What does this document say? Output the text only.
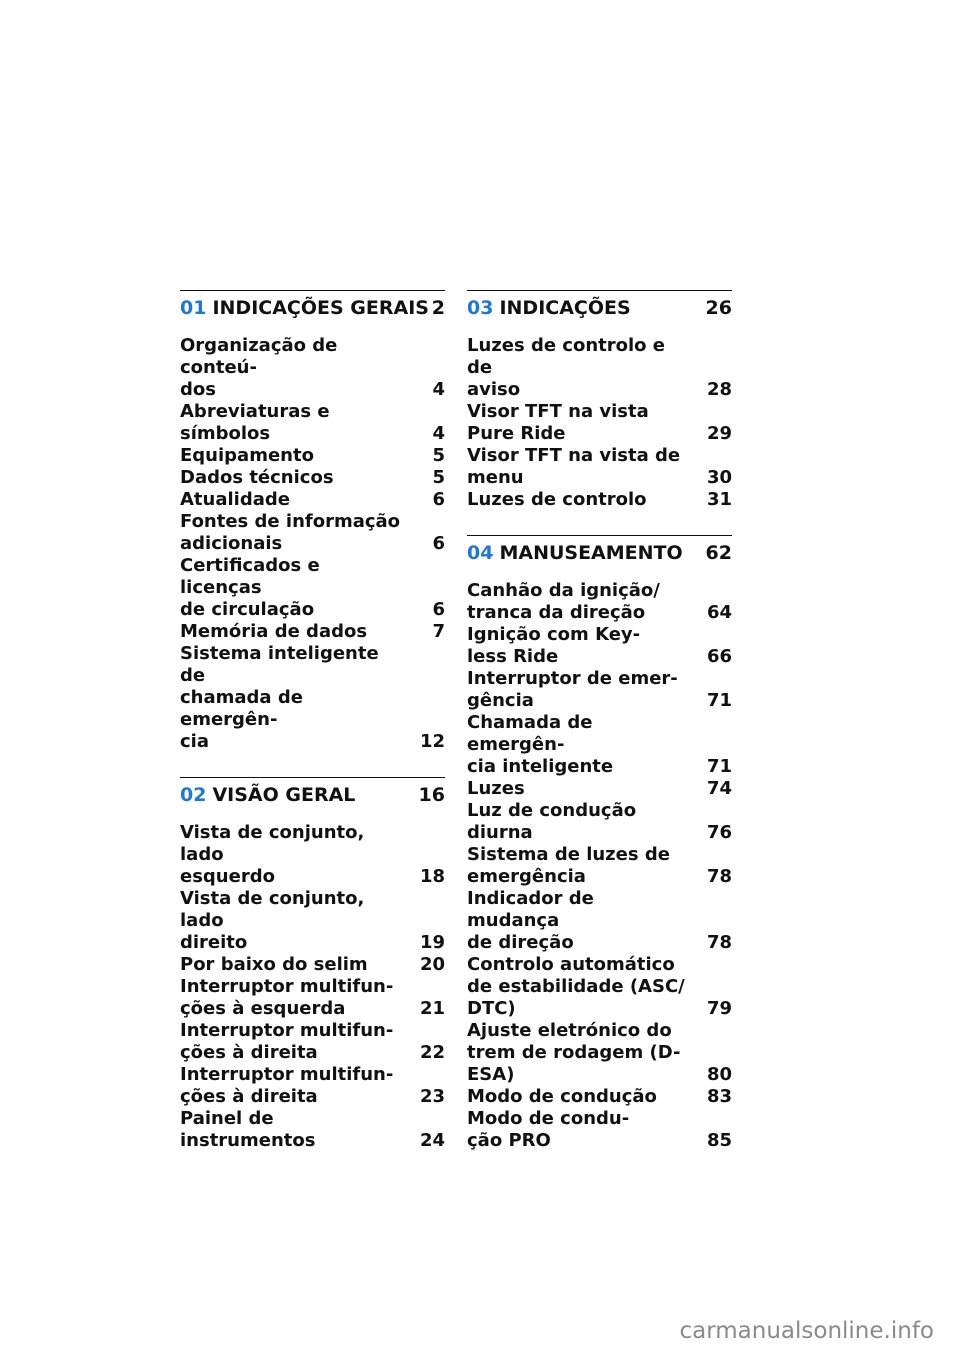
01 INDICAÇÕES GERAIS 2
Organização de conteú-
dos	4
Abreviaturas e símbolos	4
Equipamento	5
Dados técnicos	5
Atualidade	6
Fontes de informação
adicionais	6
Certificados e licenças
de circulação	6
Memória de dados	7
Sistema inteligente de
chamada de emergên-
cia	12
02 VISÃO GERAL	16
Vista de conjunto, lado
esquerdo	18
Vista de conjunto, lado
direito	19
Por baixo do selim	20
Interruptor multifun-
ções à esquerda	21
Interruptor multifun-
ções à direita	22
Interruptor multifun-
ções à direita	23
Painel de instrumentos	24
03 INDICAÇÕES	26
Luzes de controlo e de
aviso	28
Visor TFT na vista
Pure Ride	29
Visor TFT na vista de
menu	30
Luzes de controlo	31
04 MANUSEAMENTO 62
Canhão da ignição/
tranca da direção	64
Ignição com Key-
less Ride	66
Interruptor de emer-
gência	71
Chamada de emergên-
cia inteligente	71
Luzes	74
Luz de condução
diurna	76
Sistema de luzes de
emergência	78
Indicador de mudança
de direção	78
Controlo automático
de estabilidade (ASC/
DTC)	79
Ajuste eletrónico do
trem de rodagem (D-
ESA)	80
Modo de condução	83
Modo de condu-
ção PRO	85
carmanualsonline.info
